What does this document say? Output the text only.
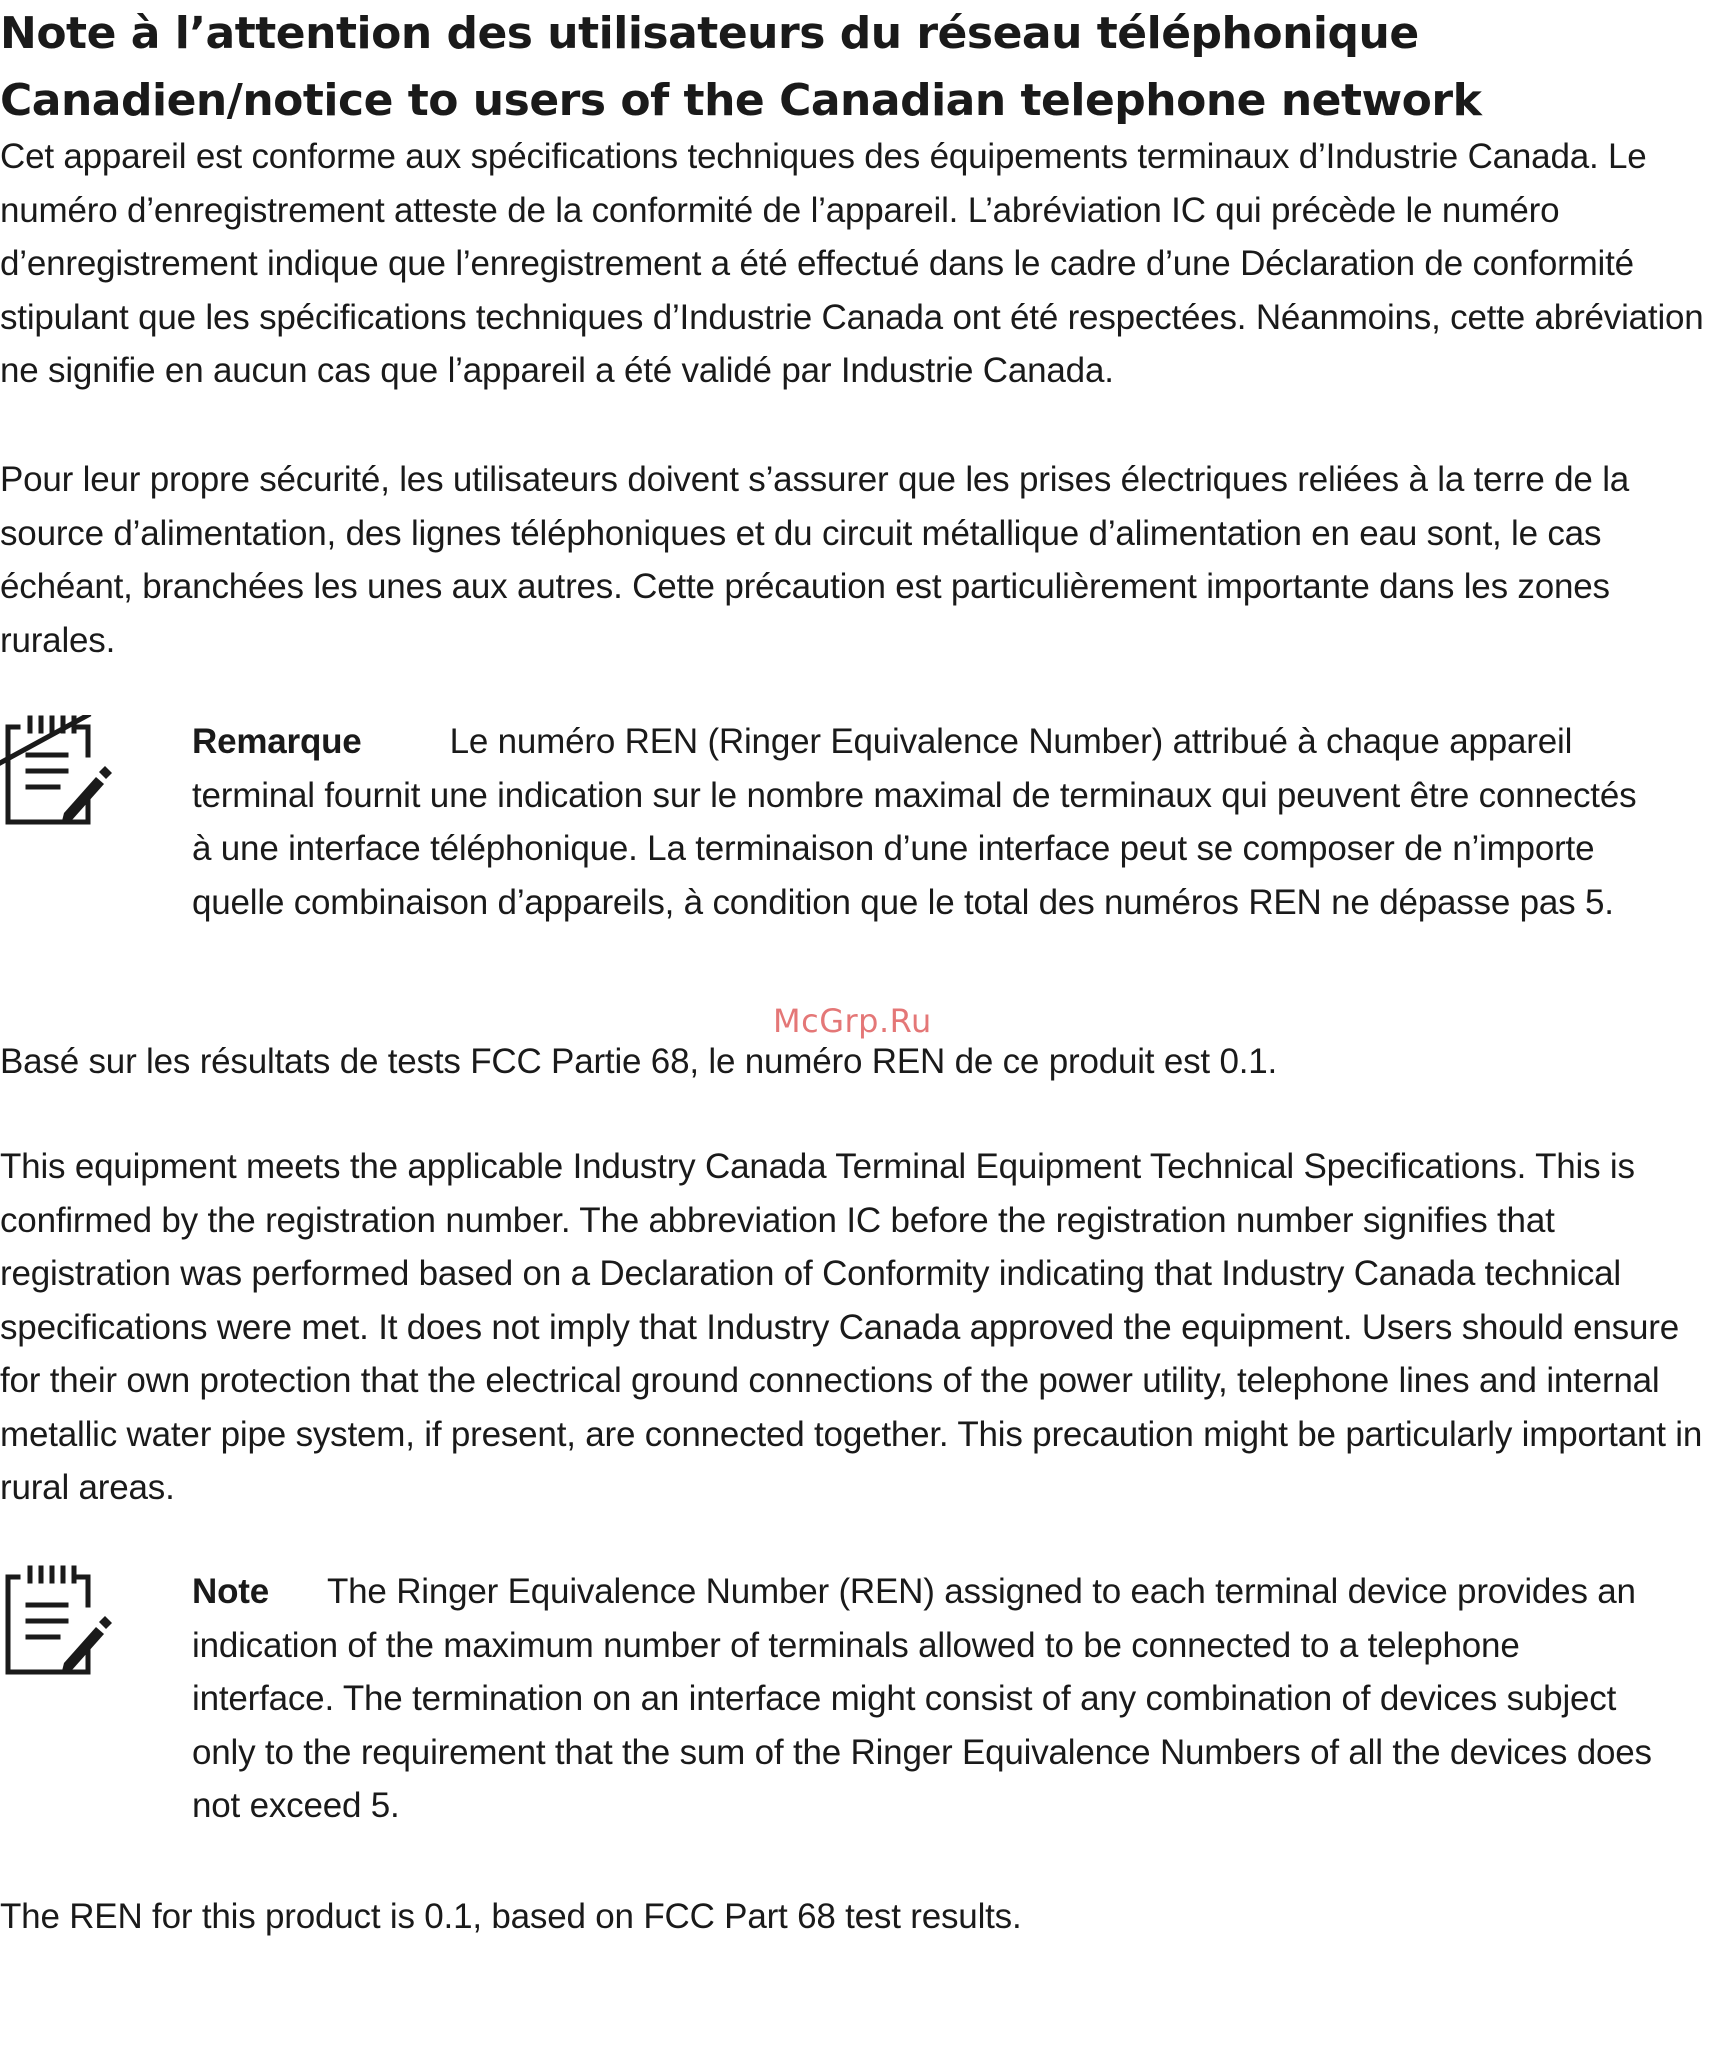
Note à l’attention des utilisateurs du réseau téléphonique Canadien/notice to users of the Canadian telephone network

Cet appareil est conforme aux spécifications techniques des équipements terminaux d’Industrie Canada. Le numéro d’enregistrement atteste de la conformité de l’appareil. L’abréviation IC qui précède le numéro d’enregistrement indique que l’enregistrement a été effectué dans le cadre d’une Déclaration de conformité stipulant que les spécifications techniques d’Industrie Canada ont été respectées. Néanmoins, cette abréviation ne signifie en aucun cas que l’appareil a été validé par Industrie Canada.

Pour leur propre sécurité, les utilisateurs doivent s’assurer que les prises électriques reliées à la terre de la source d’alimentation, des lignes téléphoniques et du circuit métallique d’alimentation en eau sont, le cas échéant, branchées les unes aux autres. Cette précaution est particulièrement importante dans les zones rurales.

Remarque	Le numéro REN (Ringer Equivalence Number) attribué à chaque appareil terminal fournit une indication sur le nombre maximal de terminaux qui peuvent être connectés à une interface téléphonique. La terminaison d’une interface peut se composer de n’importe quelle combinaison d’appareils, à condition que le total des numéros REN ne dépasse pas 5.

McGrp.Ru

Basé sur les résultats de tests FCC Partie 68, le numéro REN de ce produit est 0.1.

This equipment meets the applicable Industry Canada Terminal Equipment Technical Specifications. This is confirmed by the registration number. The abbreviation IC before the registration number signifies that registration was performed based on a Declaration of Conformity indicating that Industry Canada technical specifications were met. It does not imply that Industry Canada approved the equipment. Users should ensure for their own protection that the electrical ground connections of the power utility, telephone lines and internal metallic water pipe system, if present, are connected together. This precaution might be particularly important in rural areas.

Note The Ringer Equivalence Number (REN) assigned to each terminal device provides an indication of the maximum number of terminals allowed to be connected to a telephone interface. The termination on an interface might consist of any combination of devices subject only to the requirement that the sum of the Ringer Equivalence Numbers of all the devices does not exceed 5.

The REN for this product is 0.1, based on FCC Part 68 test results.
